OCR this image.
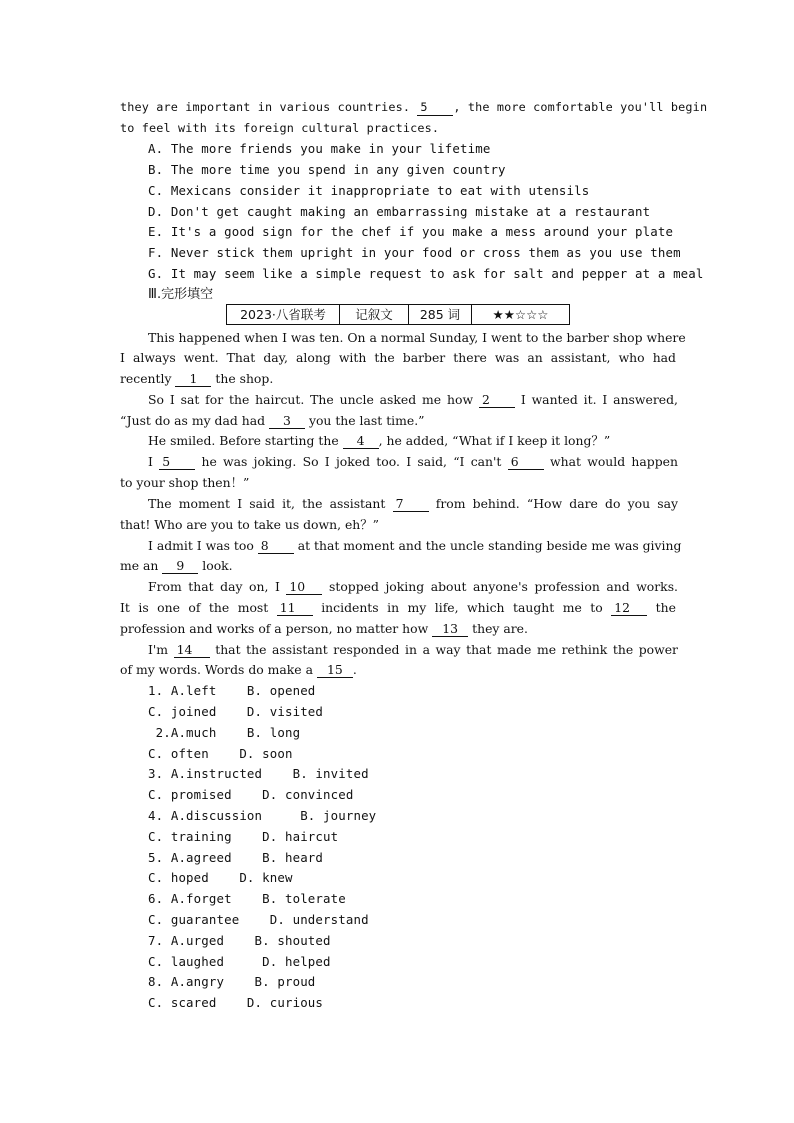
they are important in various countries. 5 , the more comfortable you'll begin
to feel with its foreign cultural practices.
A. The more friends you make in your lifetime
B. The more time you spend in any given country
C. Mexicans consider it inappropriate to eat with utensils
D. Don't get caught making an embarrassing mistake at a restaurant
E. It's a good sign for the chef if you make a mess around your plate
F. Never stick them upright in your food or cross them as you use them
G. It may seem like a simple request to ask for salt and pepper at a meal
Ⅲ.完形填空
2023·八省联考	记叙文	285 词	★★☆☆☆
This happened when I was ten. On a normal Sunday, I went to the barber shop where
I always went. That day, along with the barber there was an assistant, who had
recently 1 the shop.
So I sat for the haircut. The uncle asked me how 2 I wanted it. I answered,
“Just do as my dad had 3 you the last time.”
He smiled. Before starting the 4 , he added, “What if I keep it long？”
I 5	he was joking. So I joked too. I said, “I can't 6	what would happen
to your shop then！”
The moment I said it, the assistant 7	from behind. “How dare do you say
that! Who are you to take us down, eh？”
I admit I was too 8 at that moment and the uncle standing beside me was giving
me an 9 look.
From that day on, I 10 stopped joking about anyone's profession and works.
It is one of the most 11 incidents in my life, which taught me to 12 the
profession and works of a person, no matter how 13 they are.
I'm 14 that the assistant responded in a way that made me rethink the power
of my words. Words do make a 15 .
1. A.left    B. opened
C. joined    D. visited
2.A.much    B. long
C. often    D. soon
3. A.instructed    B. invited
C. promised    D. convinced
4. A.discussion     B. journey
C. training    D. haircut
5. A.agreed    B. heard
C. hoped    D. knew
6. A.forget    B. tolerate
C. guarantee    D. understand
7. A.urged    B. shouted
C. laughed     D. helped
8. A.angry    B. proud
C. scared    D. curious
